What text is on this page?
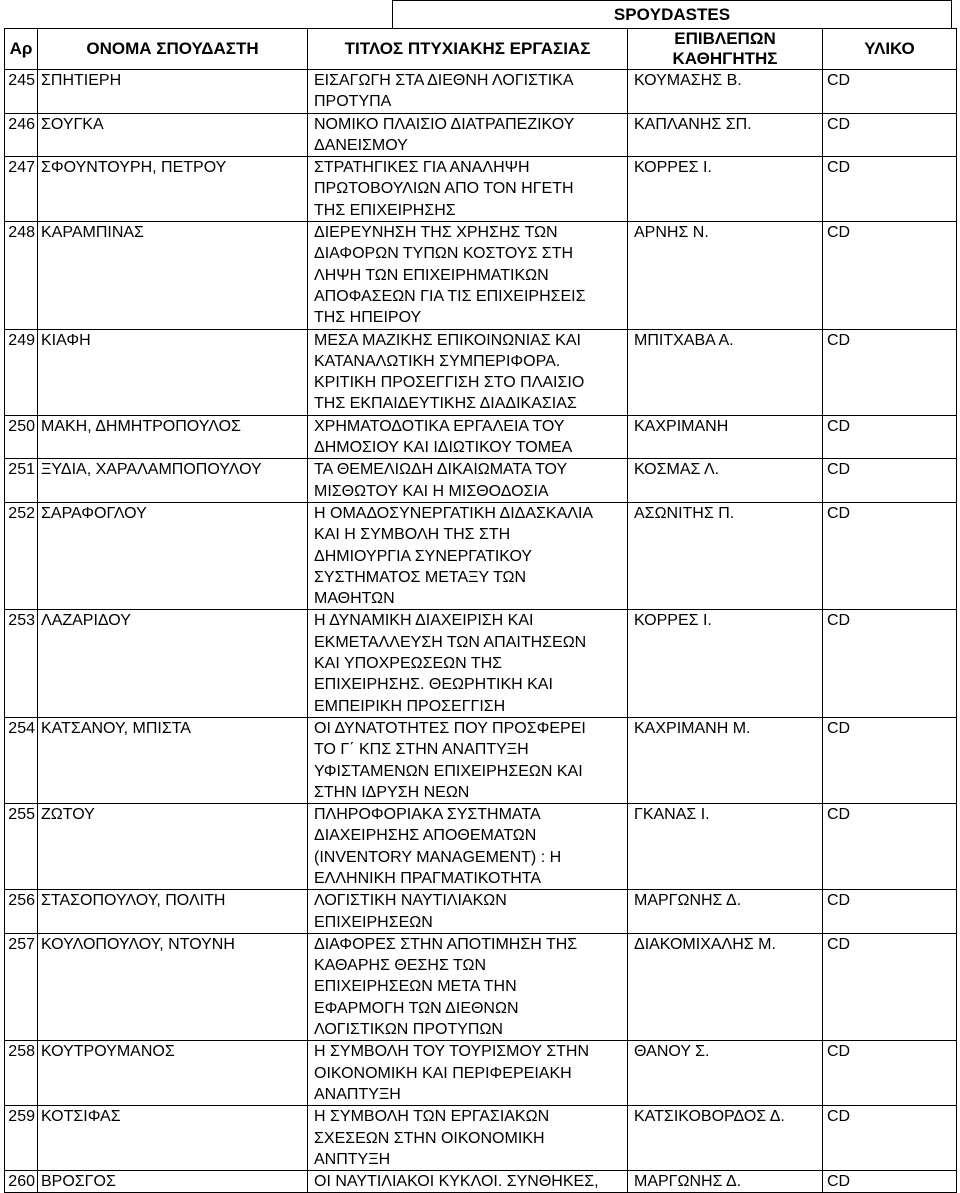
SPOYDASTES
Αρ	ΟΝΟΜΑ ΣΠΟΥΔΑΣΤΗ	ΤΙΤΛΟΣ ΠΤΥΧΙΑΚΗΣ ΕΡΓΑΣΙΑΣ	ΕΠΙΒΛΕΠΩΝ
ΚΑΘΗΓΗΤΗΣ	ΥΛΙΚΟ
245	ΣΠΗΤΙΕΡΗ	ΕΙΣΑΓΩΓΗ ΣΤΑ ΔΙΕΘΝΗ ΛΟΓΙΣΤΙΚΑ
ΠΡΟΤΥΠΑ	ΚΟΥΜΑΣΗΣ Β.	CD
246	ΣΟΥΓΚΑ	ΝΟΜΙΚΟ ΠΛΑΙΣΙΟ ΔΙΑΤΡΑΠΕΖΙΚΟΥ
ΔΑΝΕΙΣΜΟΥ	ΚΑΠΛΑΝΗΣ ΣΠ.	CD
247	ΣΦΟΥΝΤΟΥΡΗ, ΠΕΤΡΟΥ	ΣΤΡΑΤΗΓΙΚΕΣ ΓΙΑ ΑΝΑΛΗΨΗ
ΠΡΩΤΟΒΟΥΛΙΩΝ ΑΠΟ ΤΟΝ ΗΓΕΤΗ
ΤΗΣ ΕΠΙΧΕΙΡΗΣΗΣ	ΚΟΡΡΕΣ Ι.	CD
248	ΚΑΡΑΜΠΙΝΑΣ	ΔΙΕΡΕΥΝΗΣΗ ΤΗΣ ΧΡΗΣΗΣ ΤΩΝ
ΔΙΑΦΟΡΩΝ ΤΥΠΩΝ ΚΟΣΤΟΥΣ ΣΤΗ
ΛΗΨΗ ΤΩΝ ΕΠΙΧΕΙΡΗΜΑΤΙΚΩΝ
ΑΠΟΦΑΣΕΩΝ ΓΙΑ ΤΙΣ ΕΠΙΧΕΙΡΗΣΕΙΣ
ΤΗΣ ΗΠΕΙΡΟΥ	ΑΡΝΗΣ Ν.	CD
249	ΚΙΑΦΗ	ΜΕΣΑ ΜΑΖΙΚΗΣ ΕΠΙΚΟΙΝΩΝΙΑΣ ΚΑΙ
ΚΑΤΑΝΑΛΩΤΙΚΗ ΣΥΜΠΕΡΙΦΟΡΑ.
ΚΡΙΤΙΚΗ ΠΡΟΣΕΓΓΙΣΗ ΣΤΟ ΠΛΑΙΣΙΟ
ΤΗΣ ΕΚΠΑΙΔΕΥΤΙΚΗΣ ΔΙΑΔΙΚΑΣΙΑΣ	ΜΠΙΤΧΑΒΑ Α.	CD
250	ΜΑΚΗ, ΔΗΜΗΤΡΟΠΟΥΛΟΣ	ΧΡΗΜΑΤΟΔΟΤΙΚΑ ΕΡΓΑΛΕΙΑ ΤΟΥ
ΔΗΜΟΣΙΟΥ ΚΑΙ ΙΔΙΩΤΙΚΟΥ ΤΟΜΕΑ	ΚΑΧΡΙΜΑΝΗ	CD
251	ΞΥΔΙΑ, ΧΑΡΑΛΑΜΠΟΠΟΥΛΟΥ	ΤΑ ΘΕΜΕΛΙΩΔΗ ΔΙΚΑΙΩΜΑΤΑ ΤΟΥ
ΜΙΣΘΩΤΟΥ ΚΑΙ Η ΜΙΣΘΟΔΟΣΙΑ	ΚΟΣΜΑΣ Λ.	CD
252	ΣΑΡΑΦΟΓΛΟΥ	Η ΟΜΑΔΟΣΥΝΕΡΓΑΤΙΚΗ ΔΙΔΑΣΚΑΛΙΑ
ΚΑΙ Η ΣΥΜΒΟΛΗ ΤΗΣ ΣΤΗ
ΔΗΜΙΟΥΡΓΙΑ ΣΥΝΕΡΓΑΤΙΚΟΥ
ΣΥΣΤΗΜΑΤΟΣ ΜΕΤΑΞΥ ΤΩΝ
ΜΑΘΗΤΩΝ	ΑΣΩΝΙΤΗΣ Π.	CD
253	ΛΑΖΑΡΙΔΟΥ	Η ΔΥΝΑΜΙΚΗ ΔΙΑΧΕΙΡΙΣΗ ΚΑΙ
ΕΚΜΕΤΑΛΛΕΥΣΗ ΤΩΝ ΑΠΑΙΤΗΣΕΩΝ
ΚΑΙ ΥΠΟΧΡΕΩΣΕΩΝ ΤΗΣ
ΕΠΙΧΕΙΡΗΣΗΣ. ΘΕΩΡΗΤΙΚΗ ΚΑΙ
ΕΜΠΕΙΡΙΚΗ ΠΡΟΣΕΓΓΙΣΗ	ΚΟΡΡΕΣ Ι.	CD
254	ΚΑΤΣΑΝΟΥ, ΜΠΙΣΤΑ	ΟΙ ΔΥΝΑΤΟΤΗΤΕΣ ΠΟΥ ΠΡΟΣΦΕΡΕΙ
ΤΟ Γ΄ ΚΠΣ ΣΤΗΝ ΑΝΑΠΤΥΞΗ
ΥΦΙΣΤΑΜΕΝΩΝ ΕΠΙΧΕΙΡΗΣΕΩΝ ΚΑΙ
ΣΤΗΝ ΙΔΡΥΣΗ ΝΕΩΝ	ΚΑΧΡΙΜΑΝΗ Μ.	CD
255	ΖΩΤΟΥ	ΠΛΗΡΟΦΟΡΙΑΚΑ ΣΥΣΤΗΜΑΤΑ
ΔΙΑΧΕΙΡΗΣΗΣ ΑΠΟΘΕΜΑΤΩΝ
(INVENTORY MANAGEMENT) : Η
ΕΛΛΗΝΙΚΗ ΠΡΑΓΜΑΤΙΚΟΤΗΤΑ	ΓΚΑΝΑΣ Ι.	CD
256	ΣΤΑΣΟΠΟΥΛΟΥ, ΠΟΛΙΤΗ	ΛΟΓΙΣΤΙΚΗ ΝΑΥΤΙΛΙΑΚΩΝ
ΕΠΙΧΕΙΡΗΣΕΩΝ	ΜΑΡΓΩΝΗΣ Δ.	CD
257	ΚΟΥΛΟΠΟΥΛΟΥ, ΝΤΟΥΝΗ	ΔΙΑΦΟΡΕΣ ΣΤΗΝ ΑΠΟΤΙΜΗΣΗ ΤΗΣ
ΚΑΘΑΡΗΣ ΘΕΣΗΣ ΤΩΝ
ΕΠΙΧΕΙΡΗΣΕΩΝ ΜΕΤΑ ΤΗΝ
ΕΦΑΡΜΟΓΗ ΤΩΝ ΔΙΕΘΝΩΝ
ΛΟΓΙΣΤΙΚΩΝ ΠΡΟΤΥΠΩΝ	ΔΙΑΚΟΜΙΧΑΛΗΣ Μ.	CD
258	ΚΟΥΤΡΟΥΜΑΝΟΣ	Η ΣΥΜΒΟΛΗ ΤΟΥ ΤΟΥΡΙΣΜΟΥ ΣΤΗΝ
ΟΙΚΟΝΟΜΙΚΗ ΚΑΙ ΠΕΡΙΦΕΡΕΙΑΚΗ
ΑΝΑΠΤΥΞΗ	ΘΑΝΟΥ Σ.	CD
259	ΚΟΤΣΙΦΑΣ	Η ΣΥΜΒΟΛΗ ΤΩΝ ΕΡΓΑΣΙΑΚΩΝ
ΣΧΕΣΕΩΝ ΣΤΗΝ ΟΙΚΟΝΟΜΙΚΗ
ΑΝΠΤΥΞΗ	ΚΑΤΣΙΚΟΒΟΡΔΟΣ Δ.	CD
260	ΒΡΟΣΓΟΣ	ΟΙ ΝΑΥΤΙΛΙΑΚΟΙ ΚΥΚΛΟΙ. ΣΥΝΘΗΚΕΣ,	ΜΑΡΓΩΝΗΣ Δ.	CD
